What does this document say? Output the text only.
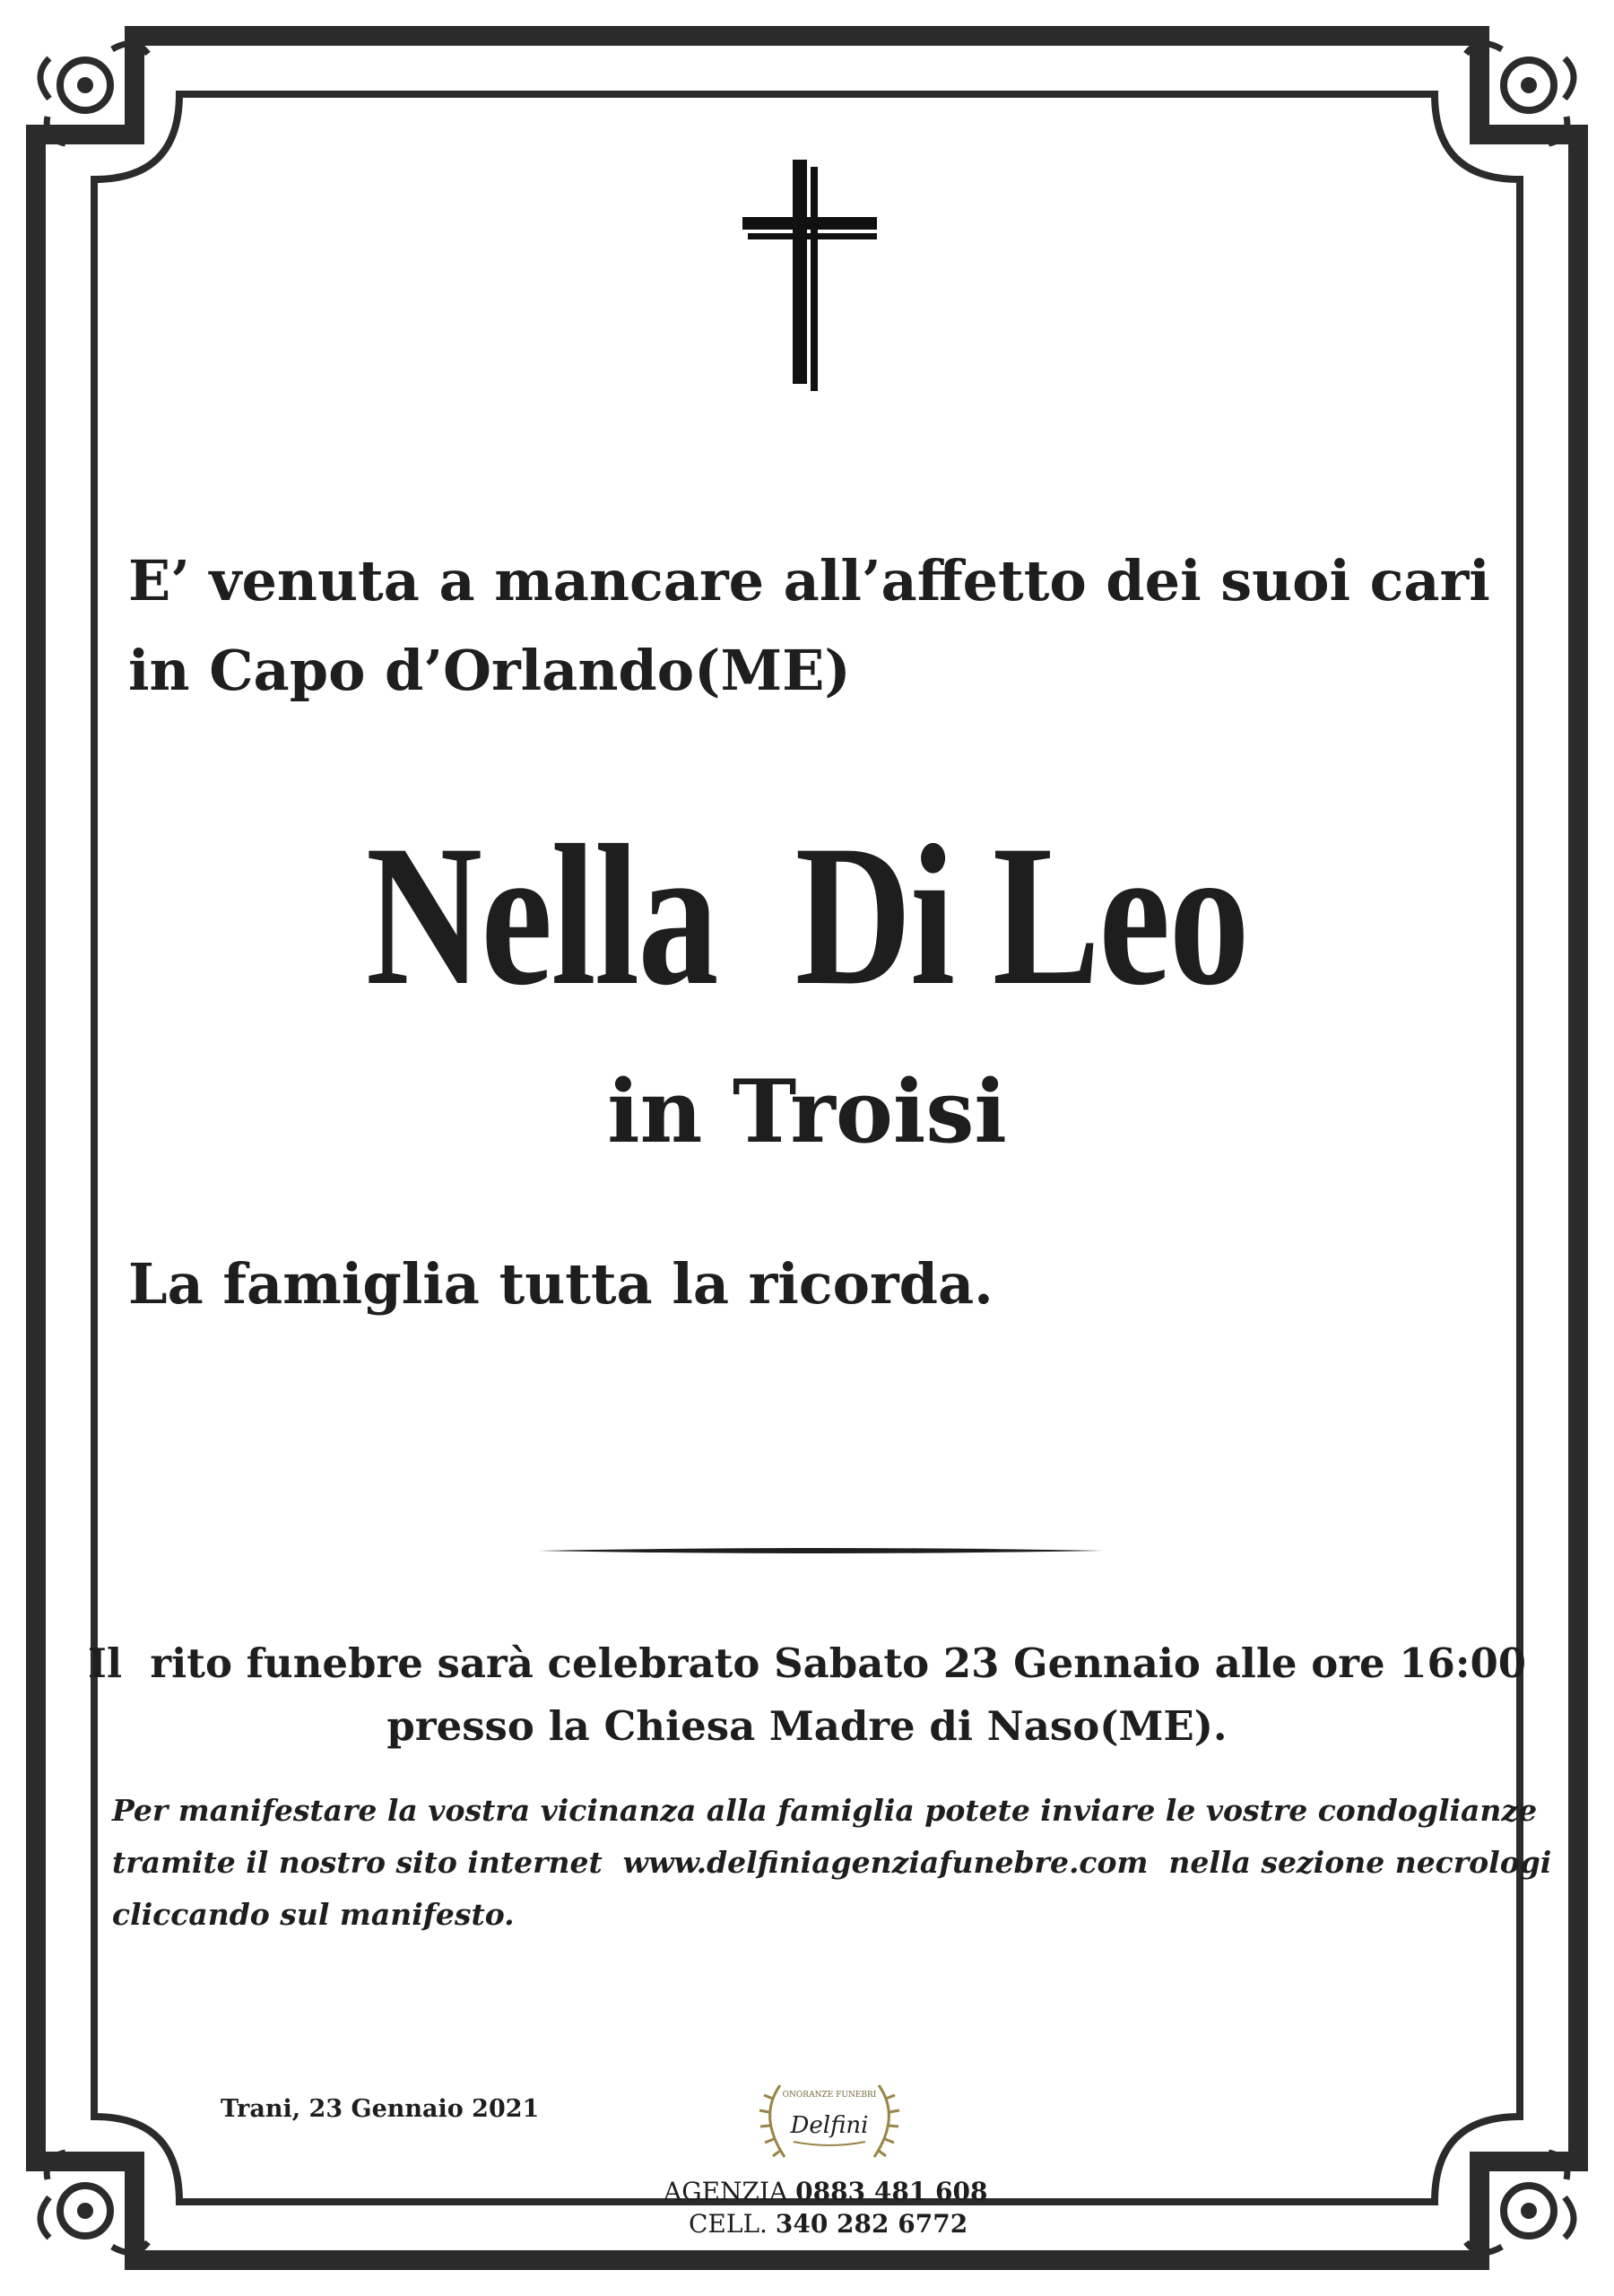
E’ venuta a mancare all’affetto dei suoi cari
in Capo d’Orlando(ME)
Nella  Di Leo
in Troisi
La famiglia tutta la ricorda.
Il  rito funebre sarà celebrato Sabato 23 Gennaio alle ore 16:00
presso la Chiesa Madre di Naso(ME).
Per manifestare la vostra vicinanza alla famiglia potete inviare le vostre condoglianze
tramite il nostro sito internet  www.delfiniagenziafunebre.com  nella sezione necrologi
cliccando sul manifesto.
Trani, 23 Gennaio 2021	ONORANZE FUNEBRI
Delfini
AGENZIA 0883 481 608
CELL. 340 282 6772
